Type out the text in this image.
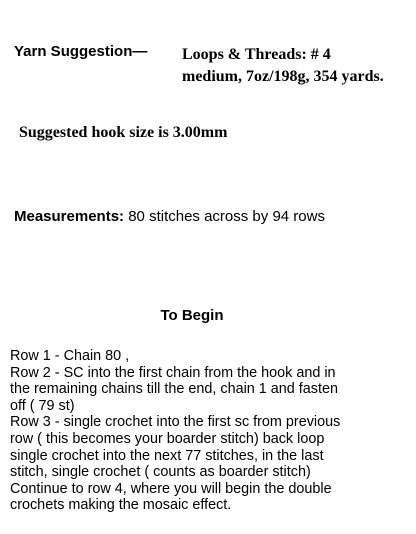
Yarn Suggestion— Loops & Threads: # 4
medium, 7oz/198g, 354 yards.
Suggested hook size is 3.00mm
Measurements: 80 stitches across by 94 rows
To Begin
Row 1 - Chain 80 ,
Row 2 - SC into the first chain from the hook and in
the remaining chains till the end, chain 1 and fasten
off ( 79 st)
Row 3 - single crochet into the first sc from previous
row ( this becomes your boarder stitch) back loop
single crochet into the next 77 stitches, in the last
stitch, single crochet ( counts as boarder stitch)
Continue to row 4, where you will begin the double
crochets making the mosaic effect.
